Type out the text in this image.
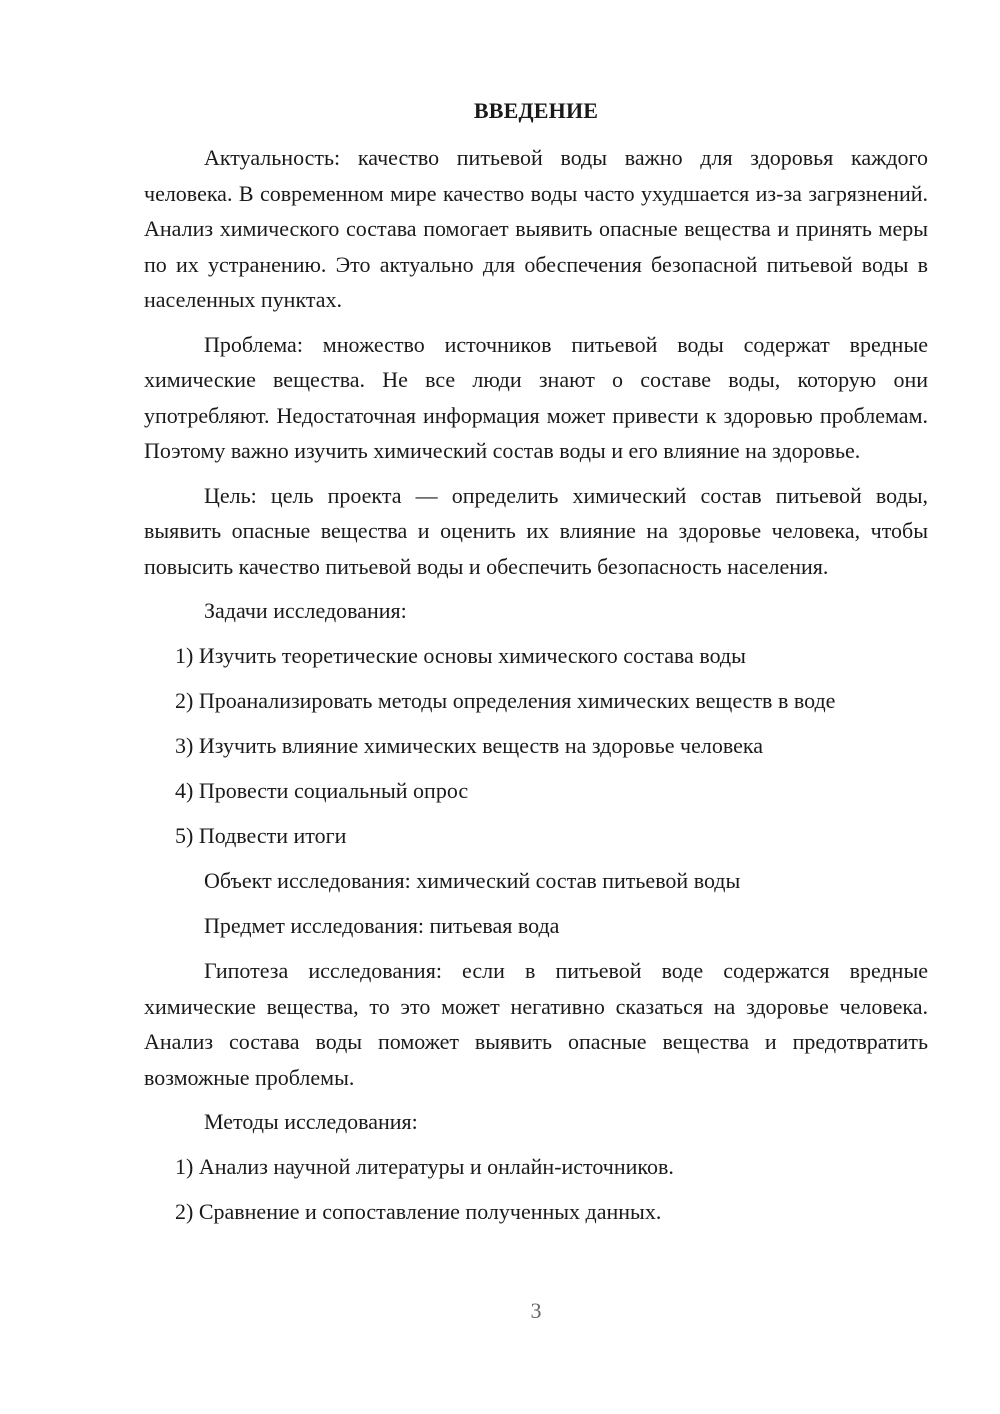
ВВЕДЕНИЕ

Актуальность: качество питьевой воды важно для здоровья каждого человека. В современном мире качество воды часто ухудшается из-за загрязнений. Анализ химического состава помогает выявить опасные вещества и принять меры по их устранению. Это актуально для обеспечения безопасной питьевой воды в населенных пунктах.

Проблема: множество источников питьевой воды содержат вредные химические вещества. Не все люди знают о составе воды, которую они употребляют. Недостаточная информация может привести к здоровью проблемам. Поэтому важно изучить химический состав воды и его влияние на здоровье.

Цель: цель проекта — определить химический состав питьевой воды, выявить опасные вещества и оценить их влияние на здоровье человека, чтобы повысить качество питьевой воды и обеспечить безопасность населения.

Задачи исследования:
1) Изучить теоретические основы химического состава воды
2) Проанализировать методы определения химических веществ в воде
3) Изучить влияние химических веществ на здоровье человека
4) Провести социальный опрос
5) Подвести итоги
Объект исследования: химический состав питьевой воды
Предмет исследования: питьевая вода

Гипотеза исследования: если в питьевой воде содержатся вредные химические вещества, то это может негативно сказаться на здоровье человека. Анализ состава воды поможет выявить опасные вещества и предотвратить возможные проблемы.

Методы исследования:
1) Анализ научной литературы и онлайн-источников.
2) Сравнение и сопоставление полученных данных.
3
